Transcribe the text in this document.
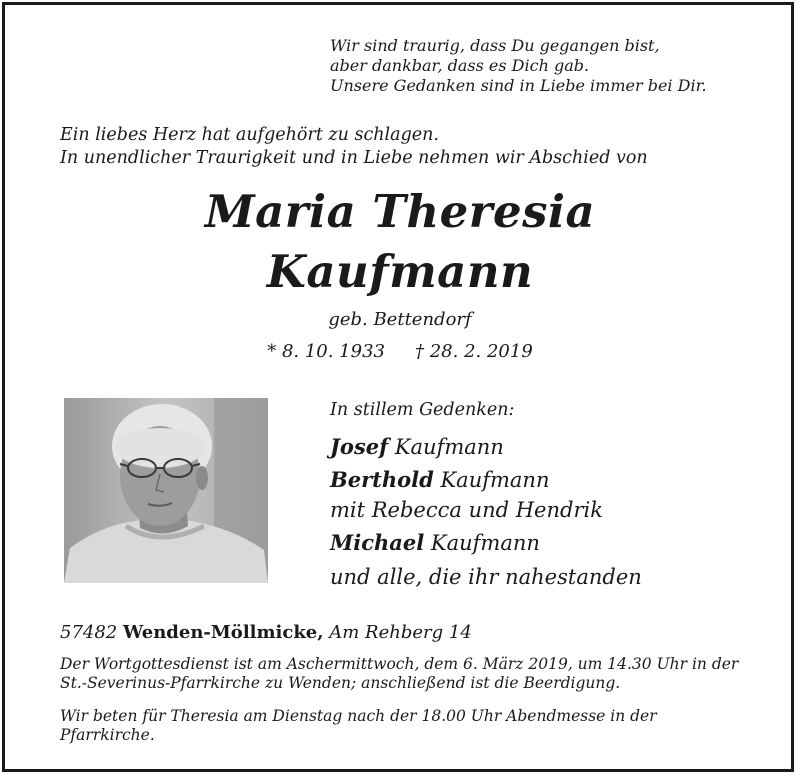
Wir sind traurig, dass Du gegangen bist,
aber dankbar, dass es Dich gab.
Unsere Gedanken sind in Liebe immer bei Dir.
Ein liebes Herz hat aufgehört zu schlagen.
In unendlicher Traurigkeit und in Liebe nehmen wir Abschied von
Maria Theresia
Kaufmann
geb. Bettendorf
* 8. 10. 1933 † 28. 2. 2019
In stillem Gedenken:
Josef Kaufmann
Berthold Kaufmann
mit Rebecca und Hendrik
Michael Kaufmann
und alle, die ihr nahestanden
57482 Wenden-Möllmicke, Am Rehberg 14
Der Wortgottesdienst ist am Aschermittwoch, dem 6. März 2019, um 14.30 Uhr in der St.-Severinus-Pfarrkirche zu Wenden; anschließend ist die Beerdigung.
Wir beten für Theresia am Dienstag nach der 18.00 Uhr Abendmesse in der Pfarrkirche.
